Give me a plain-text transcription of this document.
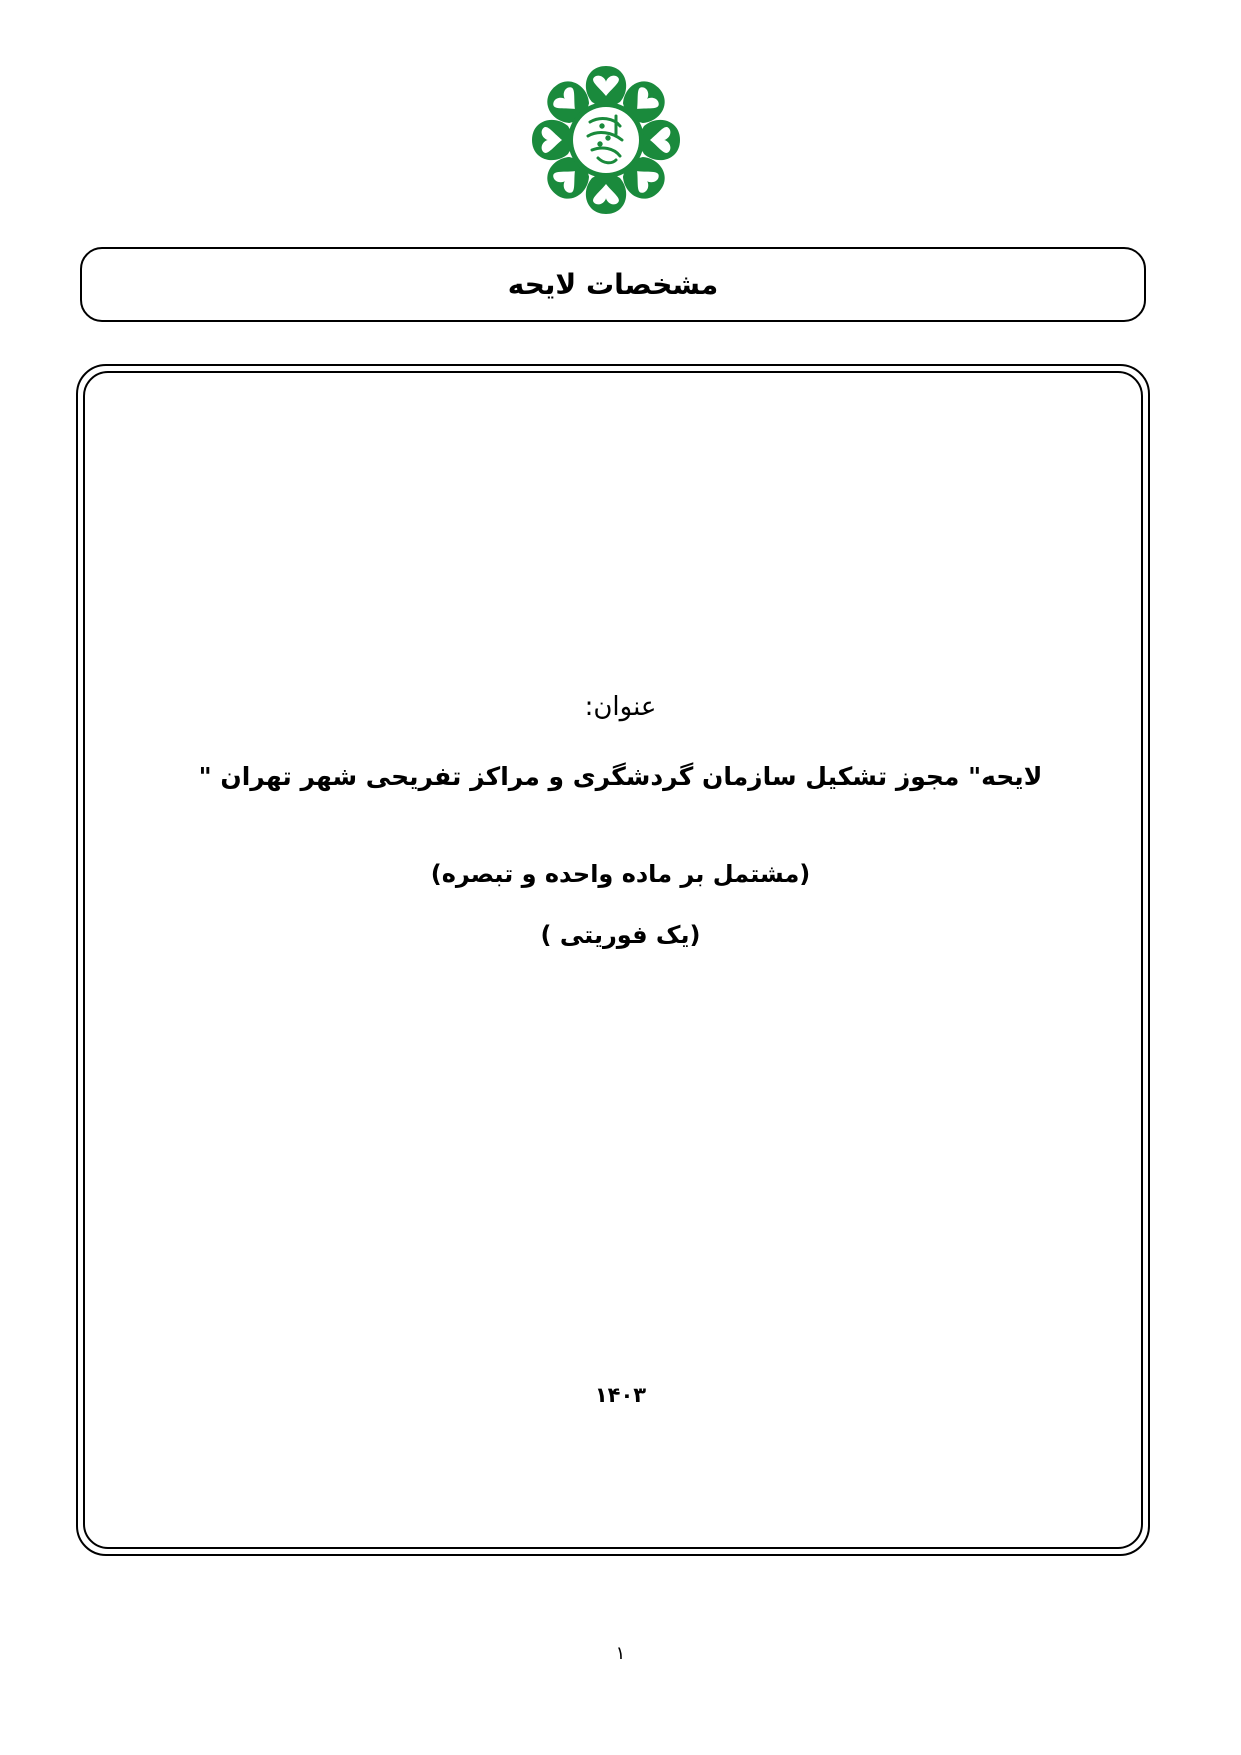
مشخصات لایحه
عنوان:
لایحه" مجوز تشکیل سازمان گردشگری و مراکز تفریحی شهر تهران "
(مشتمل بر ماده واحده و تبصره)
(یک فوریتی )
۱۴۰۳
۱
